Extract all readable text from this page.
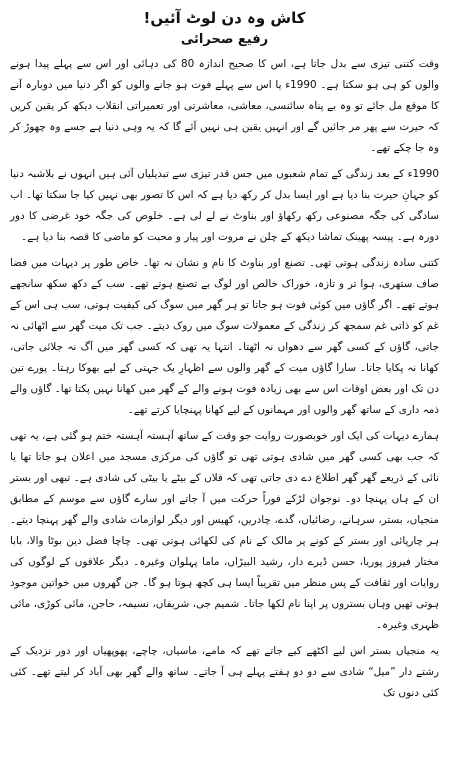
کاش وہ دن لوٹ آئیں!
رفیع صحرائی

وقت کتنی تیزی سے بدل جاتا ہے، اس کا صحیح اندازہ 80 کی دہائی اور اس سے پہلے پیدا ہونے والوں کو ہی ہو سکتا ہے۔ 1990ء یا اس سے پہلے فوت ہو جانے والوں کو اگر دنیا میں دوبارہ آنے کا موقع مل جائے تو وہ بے پناہ سائنسی، معاشی، معاشرتی اور تعمیراتی انقلاب دیکھ کر یقین کریں کہ حیرت سے پھر مر جائیں گے اور انہیں یقین ہی نہیں آئے گا کہ یہ وہی دنیا ہے جسے وہ چھوڑ کر وہ جا چکے تھے۔

1990ء کے بعد زندگی کے تمام شعبوں میں جس قدر تیزی سے تبدیلیاں آئی ہیں انہوں نے بلاشبہ دنیا کو جہانِ حیرت بنا دیا ہے اور ایسا بدل کر رکھ دیا ہے کہ اس کا تصور بھی نہیں کیا جا سکتا تھا۔ اب سادگی کی جگہ مصنوعی رکھ رکھاؤ اور بناوٹ نے لے لی ہے۔ خلوص کی جگہ خود غرضی کا دور دورہ ہے۔ پیسہ پھینک تماشا دیکھ کے چلن نے مروت اور پیار و محبت کو ماضی کا قصہ بنا دیا ہے۔

کتنی سادہ زندگی ہوتی تھی۔ تصنع اور بناوٹ کا نام و نشان نہ تھا۔ خاص طور پر دیہات میں فضا صاف ستھری، ہوا تر و تازہ، خوراک خالص اور لوگ بے تصنع ہوتے تھے۔ سب کے دکھ سکھ سانجھے ہوتے تھے۔ اگر گاؤں میں کوئی فوت ہو جاتا تو ہر گھر میں سوگ کی کیفیت ہوتی، سب ہی اس کے غم کو ذاتی غم سمجھ کر زندگی کے معمولات سوگ میں روک دیتے۔ جب تک میت گھر سے اٹھائی نہ جاتی، گاؤں کے کسی گھر سے دھواں نہ اٹھتا۔ انتہا یہ تھی کہ کسی گھر میں آگ نہ جلائی جاتی، کھانا نہ پکایا جاتا۔ سارا گاؤں میت کے گھر والوں سے اظہارِ یک جہتی کے لیے بھوکا رہتا۔ پورے تین دن تک اور بعض اوقات اس سے بھی زیادہ فوت ہونے والے کے گھر میں کھانا نہیں پکتا تھا۔ گاؤں والے ذمہ داری کے ساتھ گھر والوں اور مہمانوں کے لیے کھانا پہنچایا کرتے تھے۔

ہمارے دیہات کی ایک اور خوبصورت روایت جو وقت کے ساتھ آہستہ آہستہ ختم ہو گئی ہے، یہ تھی کہ جب بھی کسی گھر میں شادی ہوتی تھی تو گاؤں کی مرکزی مسجد میں اعلان ہو جاتا تھا یا نائی کے ذریعے گھر گھر اطلاع دے دی جاتی تھی کہ فلاں کے بیٹے یا بیٹی کی شادی ہے۔ تبھی اور بستر ان کے ہاں پہنچا دو۔ نوجوان لڑکے فوراً حرکت میں آ جاتے اور سارے گاؤں سے موسم کے مطابق منجیاں، بستر، سرہانے، رضائیاں، گدے، چادریں، کھیس اور دیگر لوازمات شادی والے گھر پہنچا دیتے۔ ہر چارپائی اور بستر کے کونے پر مالک کے نام کی لکھائی ہوتی تھی۔ چاچا فضل دین بوٹا والا، بابا مختار فیروز پوریا، حسن ڈیرے دار، رشید البیڑاں، ماما پہلوان وغیرہ۔ دیگر علاقوں کے لوگوں کی روایات اور ثقافت کے پس منظر میں تقریباً ایسا ہی کچھ ہوتا ہو گا۔ جن گھروں میں خواتین موجود ہوتی تھیں وہاں بستروں پر اپنا نام لکھا جاتا۔ شمیم جی، شریفاں، نسیمہ، حاجن، مائی کوڑی، مائی ظہری وغیرہ۔

یہ منجیاں بستر اس لیے اکٹھے کیے جاتے تھے کہ مامے، ماسیاں، چاچے، پھوپھیاں اور دور نزدیک کے رشتے دار ”میل“ شادی سے دو دو ہفتے پہلے ہی آ جاتے۔ ساتھ والے گھر بھی آباد کر لیتے تھے۔ کئی کئی دنوں تک
